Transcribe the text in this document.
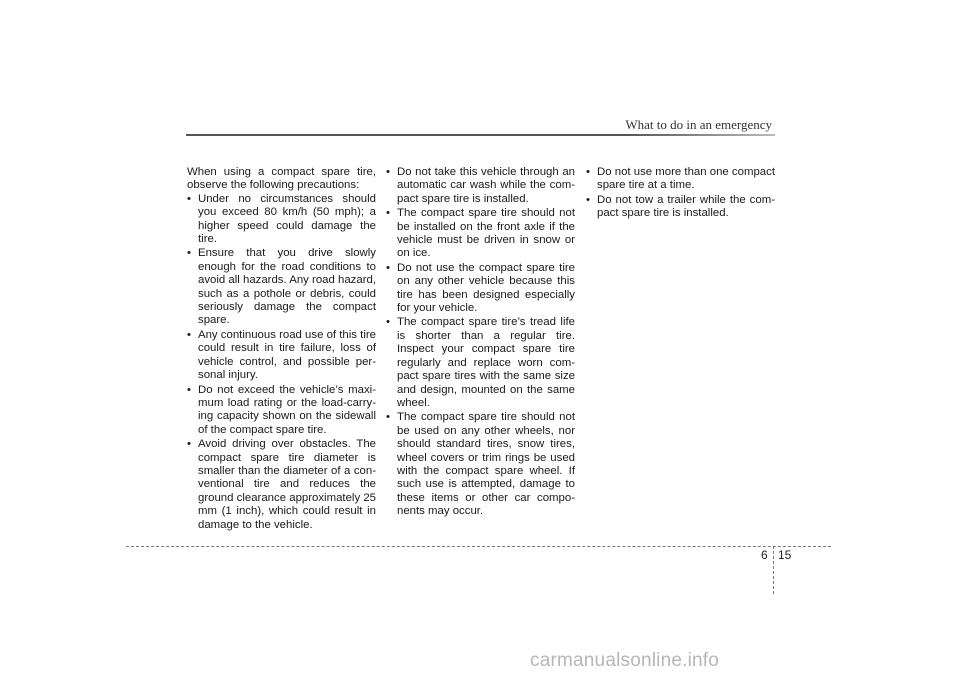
What to do in an emergency

When using a compact spare tire, observe the following precautions:

• Under no circumstances should you exceed 80 km/h (50 mph); a higher speed could damage the tire.
• Ensure that you drive slowly enough for the road conditions to avoid all hazards. Any road hazard, such as a pothole or debris, could seriously damage the compact spare.
• Any continuous road use of this tire could result in tire failure, loss of vehicle control, and possible per- sonal injury.
• Do not exceed the vehicle’s maxi- mum load rating or the load-carry- ing capacity shown on the sidewall of the compact spare tire.
• Avoid driving over obstacles. The compact spare tire diameter is smaller than the diameter of a con- ventional tire and reduces the ground clearance approximately 25 mm (1 inch), which could result in damage to the vehicle.
• Do not take this vehicle through an automatic car wash while the com- pact spare tire is installed.
• The compact spare tire should not be installed on the front axle if the vehicle must be driven in snow or on ice.
• Do not use the compact spare tire on any other vehicle because this tire has been designed especially for your vehicle.
• The compact spare tire’s tread life is shorter than a regular tire. Inspect your compact spare tire regularly and replace worn com- pact spare tires with the same size and design, mounted on the same wheel.
• The compact spare tire should not be used on any other wheels, nor should standard tires, snow tires, wheel covers or trim rings be used with the compact spare wheel. If such use is attempted, damage to these items or other car compo- nents may occur.
• Do not use more than one compact spare tire at a time.
• Do not tow a trailer while the com- pact spare tire is installed.
6 15
carmanualsonline.info
